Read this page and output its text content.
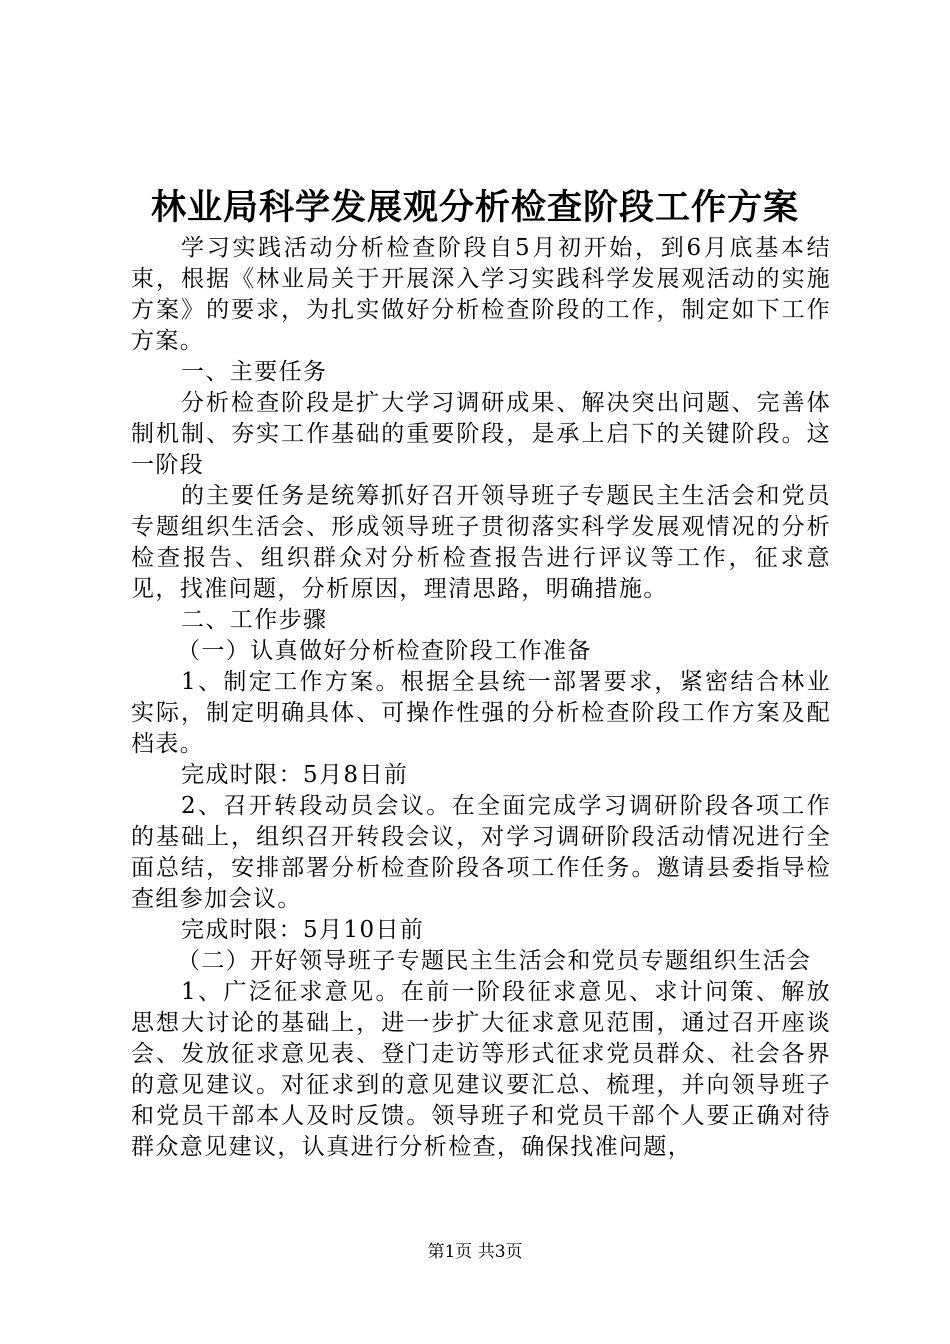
林业局科学发展观分析检查阶段工作方案

学习实践活动分析检查阶段自5月初开始，到6月底基本结束，根据《林业局关于开展深入学习实践科学发展观活动的实施方案》的要求，为扎实做好分析检查阶段的工作，制定如下工作方案。

一、主要任务

分析检查阶段是扩大学习调研成果、解决突出问题、完善体制机制、夯实工作基础的重要阶段，是承上启下的关键阶段。这一阶段

的主要任务是统筹抓好召开领导班子专题民主生活会和党员专题组织生活会、形成领导班子贯彻落实科学发展观情况的分析检查报告、组织群众对分析检查报告进行评议等工作，征求意见，找准问题，分析原因，理清思路，明确措施。

二、工作步骤

（一）认真做好分析检查阶段工作准备

1、制定工作方案。根据全县统一部署要求，紧密结合林业实际，制定明确具体、可操作性强的分析检查阶段工作方案及配档表。

完成时限：5月8日前

2、召开转段动员会议。在全面完成学习调研阶段各项工作的基础上，组织召开转段会议，对学习调研阶段活动情况进行全面总结，安排部署分析检查阶段各项工作任务。邀请县委指导检查组参加会议。

完成时限：5月10日前

（二）开好领导班子专题民主生活会和党员专题组织生活会

1、广泛征求意见。在前一阶段征求意见、求计问策、解放思想大讨论的基础上，进一步扩大征求意见范围，通过召开座谈会、发放征求意见表、登门走访等形式征求党员群众、社会各界的意见建议。对征求到的意见建议要汇总、梳理，并向领导班子和党员干部本人及时反馈。领导班子和党员干部个人要正确对待群众意见建议，认真进行分析检查，确保找准问题，

第1页 共3页
